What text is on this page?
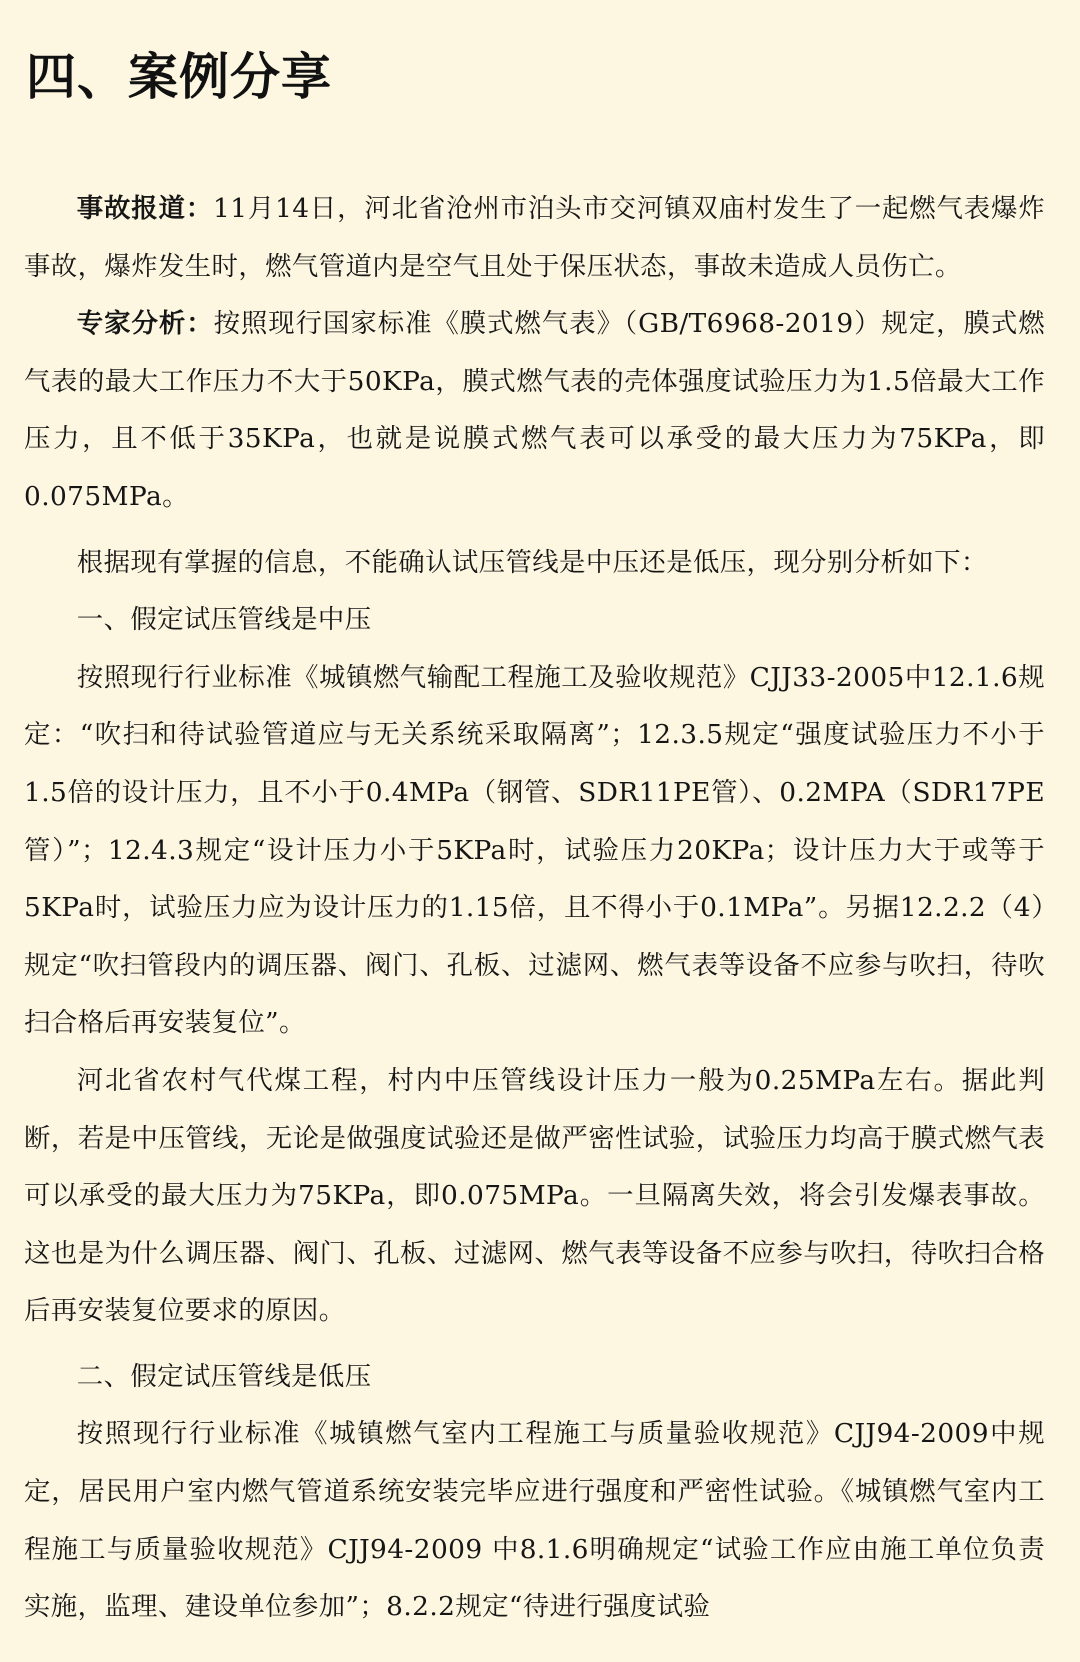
四、案例分享

事故报道：11月14日，河北省沧州市泊头市交河镇双庙村发生了一起燃气表爆炸事故，爆炸发生时，燃气管道内是空气且处于保压状态，事故未造成人员伤亡。

专家分析：按照现行国家标准《膜式燃气表》（GB/T6968-2019）规定，膜式燃气表的最大工作压力不大于50KPa，膜式燃气表的壳体强度试验压力为1.5倍最大工作压力，且不低于35KPa，也就是说膜式燃气表可以承受的最大压力为75KPa，即0.075MPa。

根据现有掌握的信息，不能确认试压管线是中压还是低压，现分别分析如下：

一、假定试压管线是中压

按照现行行业标准《城镇燃气输配工程施工及验收规范》CJJ33-2005中12.1.6规定：“吹扫和待试验管道应与无关系统采取隔离”；12.3.5规定“强度试验压力不小于1.5倍的设计压力，且不小于0.4MPa（钢管、SDR11PE管）、0.2MPA（SDR17PE管）”；12.4.3规定“设计压力小于5KPa时，试验压力20KPa；设计压力大于或等于5KPa时，试验压力应为设计压力的1.15倍，且不得小于0.1MPa”。另据12.2.2（4）规定“吹扫管段内的调压器、阀门、孔板、过滤网、燃气表等设备不应参与吹扫，待吹扫合格后再安装复位”。

河北省农村气代煤工程，村内中压管线设计压力一般为0.25MPa左右。据此判断，若是中压管线，无论是做强度试验还是做严密性试验，试验压力均高于膜式燃气表可以承受的最大压力为75KPa，即0.075MPa。一旦隔离失效，将会引发爆表事故。这也是为什么调压器、阀门、孔板、过滤网、燃气表等设备不应参与吹扫，待吹扫合格后再安装复位要求的原因。

二、假定试压管线是低压

按照现行行业标准《城镇燃气室内工程施工与质量验收规范》CJJ94-2009中规定，居民用户室内燃气管道系统安装完毕应进行强度和严密性试验。《城镇燃气室内工程施工与质量验收规范》CJJ94-2009 中8.1.6明确规定“试验工作应由施工单位负责实施，监理、建设单位参加”；8.2.2规定“待进行强度试验
